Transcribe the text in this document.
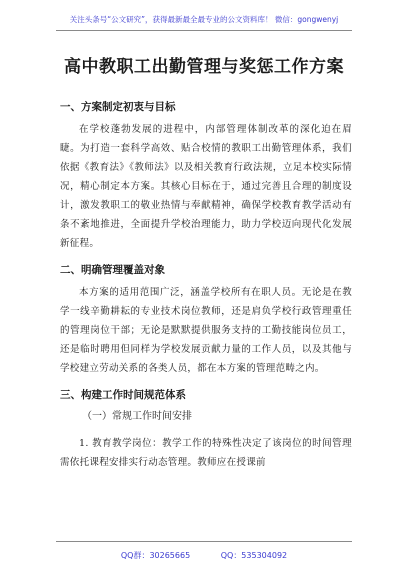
关注头条号“公文研究”，获得最新最全最专业的公文资料库！ 微信：gongwenyj
高中教职工出勤管理与奖惩工作方案
一、方案制定初衷与目标

在学校蓬勃发展的进程中，内部管理体制改革的深化迫在眉睫。为打造一套科学高效、贴合校情的教职工出勤管理体系，我们依据《教育法》《教师法》以及相关教育行政法规，立足本校实际情况，精心制定本方案。其核心目标在于，通过完善且合理的制度设计，激发教职工的敬业热情与奉献精神，确保学校教育教学活动有条不紊地推进，全面提升学校治理能力，助力学校迈向现代化发展新征程。

二、明确管理覆盖对象

本方案的适用范围广泛，涵盖学校所有在职人员。无论是在教学一线辛勤耕耘的专业技术岗位教师，还是肩负学校行政管理重任的管理岗位干部；无论是默默提供服务支持的工勤技能岗位员工，还是临时聘用但同样为学校发展贡献力量的工作人员，以及其他与学校建立劳动关系的各类人员，都在本方案的管理范畴之内。

三、构建工作时间规范体系
（一）常规工作时间安排

1. 教育教学岗位：教学工作的特殊性决定了该岗位的时间管理需依托课程安排实行动态管理。教师应在授课前

QQ群：30265665	QQ：535304092
